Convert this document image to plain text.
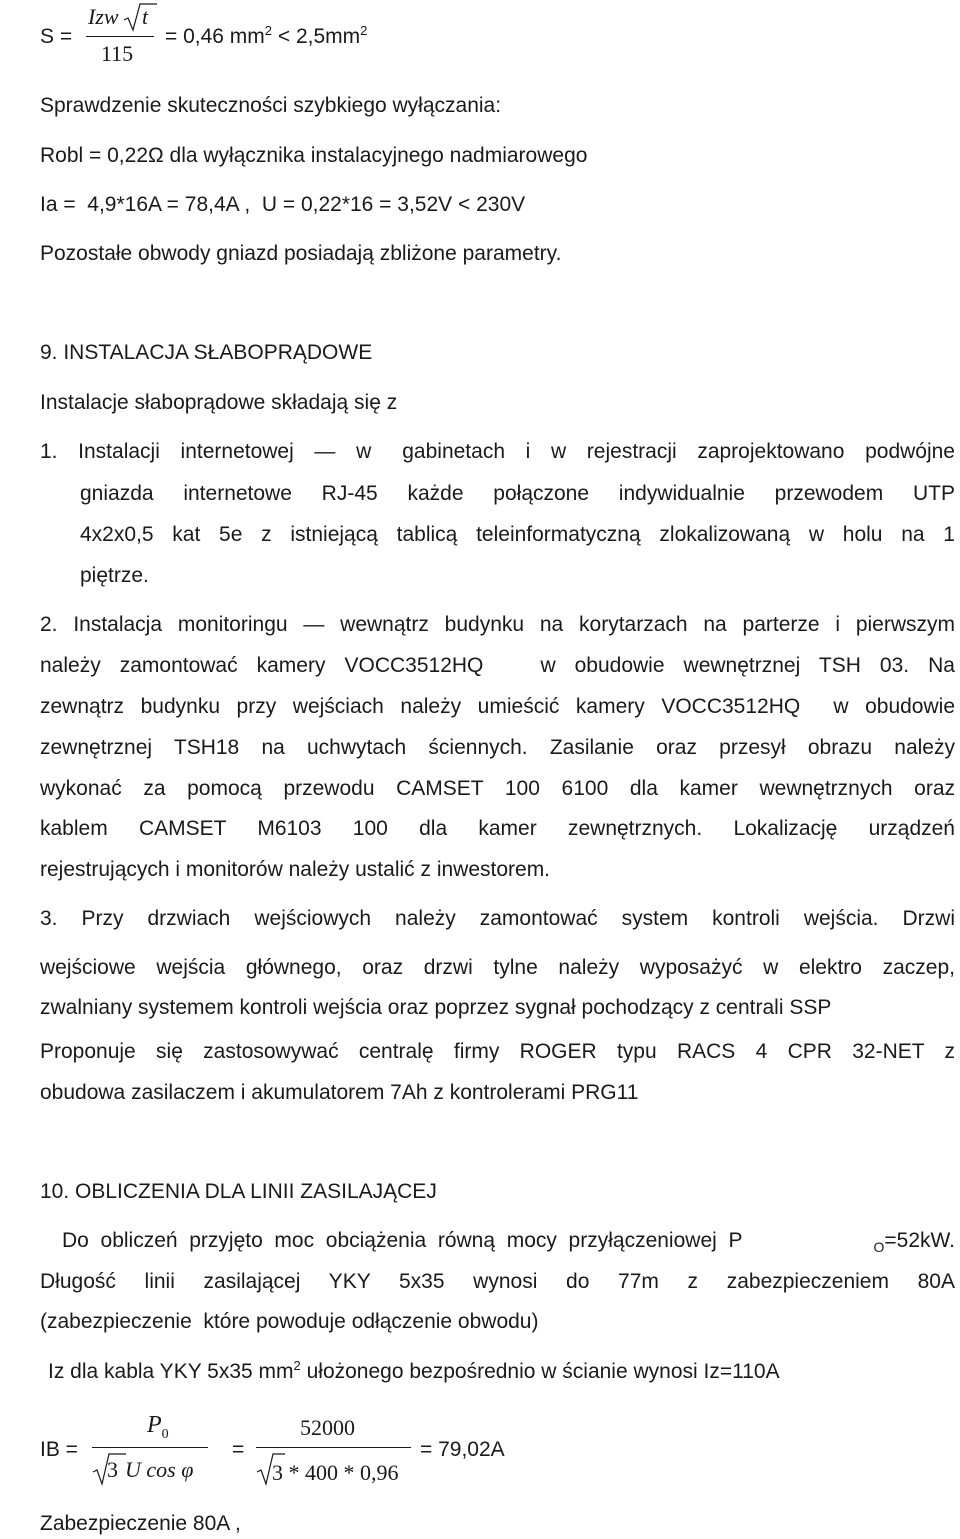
S =
Izw t
115
= 0,46 $mm^2 < 2,5mm^2$
Sprawdzenie skuteczności szybkiego wyłączania:
Robl = 0,22Ω dla wyłącznika instalacyjnego nadmiarowego
Ia =  4,9*16A = 78,4A ,  U = 0,22*16 = 3,52V < 230V
Pozostałe obwody gniazd posiadają zbliżone parametry.
9. INSTALACJA SŁABOPRĄDOWE
Instalacje słaboprądowe składają się z
1.  Instalacji  internetowej  —  w   gabinetach  i  w  rejestracji  zaprojektowano  podwójne
gniazda  internetowe  RJ-45  każde  połączone  indywidualnie  przewodem  UTP
4x2x0,5  kat  5e  z  istniejącą  tablicą  teleinformatyczną  zlokalizowaną  w  holu  na  1
piętrze.
2.  Instalacja  monitoringu  —  wewnątrz  budynku  na  korytarzach  na  parterze  i  pierwszym
należy zamontować kamery VOCC3512HQ   w obudowie wewnętrznej TSH 03. Na
zewnątrz budynku przy wejściach należy umieścić kamery VOCC3512HQ  w obudowie
zewnętrznej TSH18 na uchwytach ściennych. Zasilanie oraz przesył obrazu należy
wykonać  za  pomocą  przewodu  CAMSET  100  6100  dla  kamer  wewnętrznych  oraz
kablem   CAMSET   M6103   100   dla   kamer   zewnętrznych.   Lokalizację   urządzeń
rejestrujących i monitorów należy ustalić z inwestorem.
3.  Przy  drzwiach  wejściowych  należy  zamontować  system  kontroli  wejścia.  Drzwi
wejściowe wejścia głównego, oraz drzwi tylne należy wyposażyć w elektro zaczep,
zwalniany systemem kontroli wejścia oraz poprzez sygnał pochodzący z centrali SSP
Proponuje  się  zastosowywać  centralę  firmy  ROGER  typu  RACS  4  CPR  32-NET  z
obudowa zasilaczem i akumulatorem 7Ah z kontrolerami PRG11
10. OBLICZENIA DLA LINII ZASILAJĄCEJ
Do  obliczeń  przyjęto  moc  obciążenia  równą  mocy  przyłączeniowej  P	$_O$=52kW.
Długość   linii   zasilającej   YKY   5x35   wynosi   do   77m   z   zabezpieczeniem   80A
(zabezpieczenie  które powoduje odłączenie obwodu)
Iz dla kabla YKY 5x35 $mm^2$ ułożonego bezpośrednio w ścianie wynosi Iz=110A
IB =
$P_0$
3 U cos φ
=
52000
3 * 400 * 0,96
= 79,02A
Zabezpieczenie 80A ,
